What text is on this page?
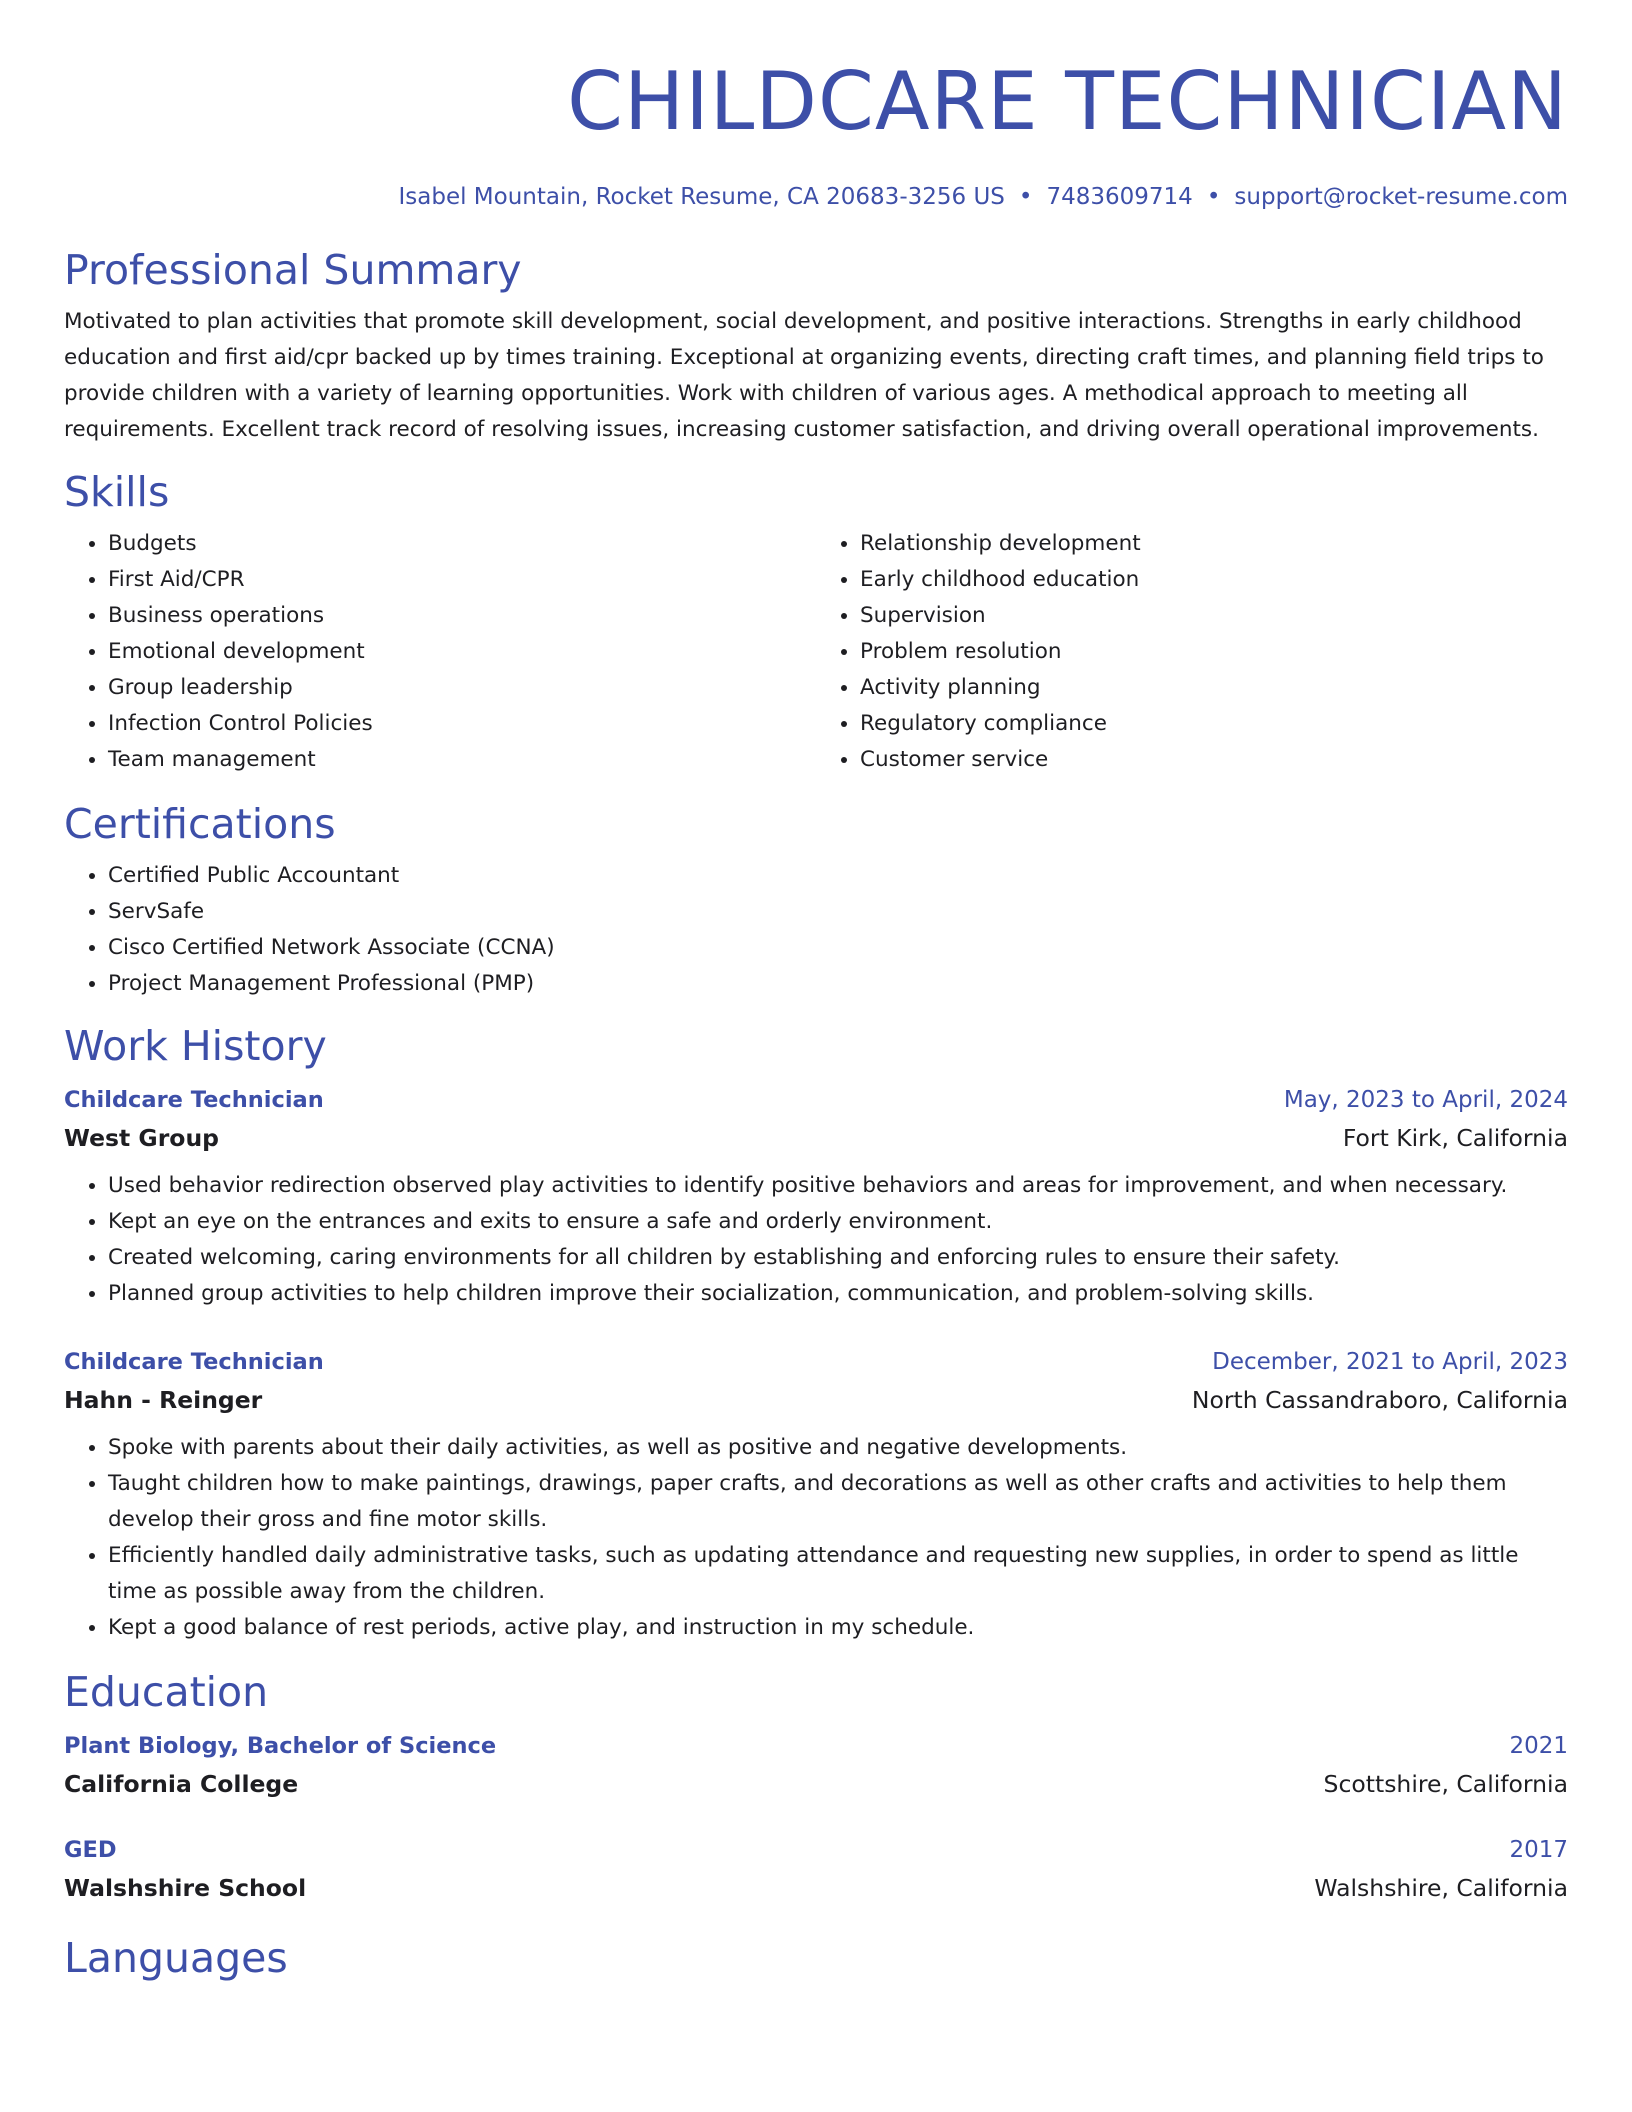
CHILDCARE TECHNICIAN
Isabel Mountain, Rocket Resume, CA 20683-3256 US • 7483609714 • support@rocket-resume.com
Professional Summary

Motivated to plan activities that promote skill development, social development, and positive interactions. Strengths in early childhood education and first aid/cpr backed up by times training. Exceptional at organizing events, directing craft times, and planning field trips to provide children with a variety of learning opportunities. Work with children of various ages. A methodical approach to meeting all requirements. Excellent track record of resolving issues, increasing customer satisfaction, and driving overall operational improvements.

Skills
• Budgets
• First Aid/CPR
• Business operations
• Emotional development
• Group leadership
• Infection Control Policies
• Team management
• Relationship development
• Early childhood education
• Supervision
• Problem resolution
• Activity planning
• Regulatory compliance
• Customer service
Certifications
• Certified Public Accountant
• ServSafe
• Cisco Certified Network Associate (CCNA)
• Project Management Professional (PMP)
Work History
Childcare Technician	May, 2023 to April, 2024
West Group	Fort Kirk, California
• Used behavior redirection observed play activities to identify positive behaviors and areas for improvement, and when necessary.
• Kept an eye on the entrances and exits to ensure a safe and orderly environment.
• Created welcoming, caring environments for all children by establishing and enforcing rules to ensure their safety.
• Planned group activities to help children improve their socialization, communication, and problem-solving skills.
Childcare Technician	December, 2021 to April, 2023
Hahn - Reinger	North Cassandraboro, California
• Spoke with parents about their daily activities, as well as positive and negative developments.
• Taught children how to make paintings, drawings, paper crafts, and decorations as well as other crafts and activities to help them develop their gross and fine motor skills.
• Efficiently handled daily administrative tasks, such as updating attendance and requesting new supplies, in order to spend as little time as possible away from the children.
• Kept a good balance of rest periods, active play, and instruction in my schedule.
Education
Plant Biology, Bachelor of Science	2021
California College	Scottshire, California
GED	2017
Walshshire School	Walshshire, California
Languages
